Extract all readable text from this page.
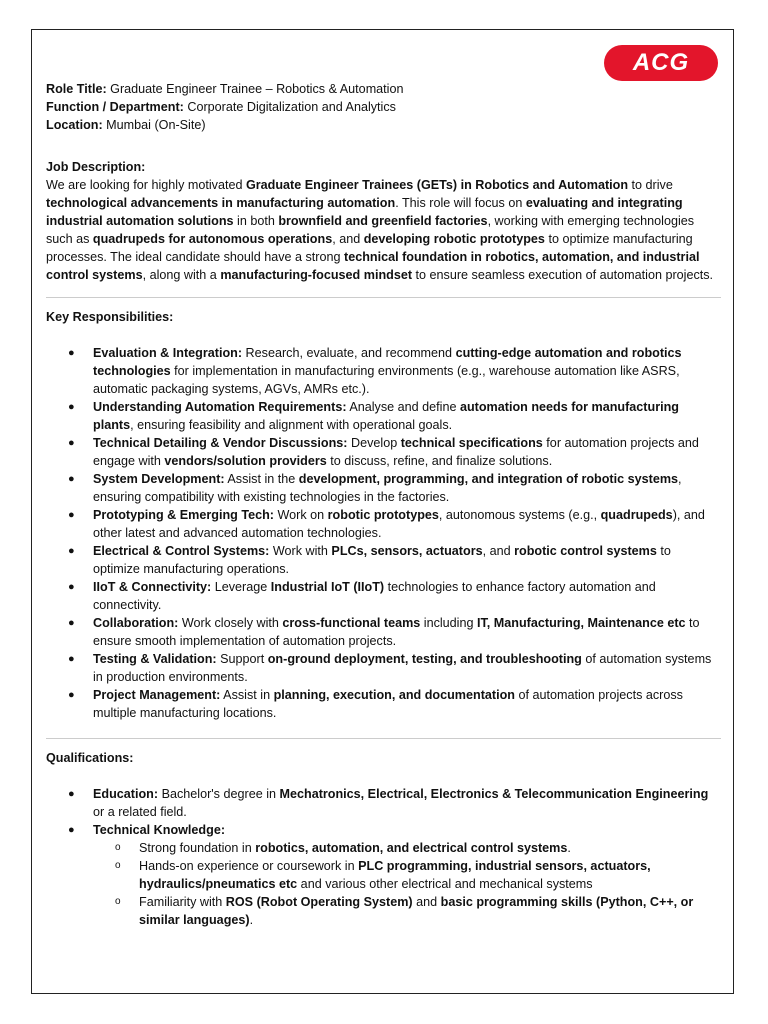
ACG

Role Title: Graduate Engineer Trainee – Robotics & Automation

Function / Department: Corporate Digitalization and Analytics

Location: Mumbai (On-Site)

Job Description:

We are looking for highly motivated Graduate Engineer Trainees (GETs) in Robotics and Automation to drive technological advancements in manufacturing automation. This role will focus on evaluating and integrating industrial automation solutions in both brownfield and greenfield factories, working with emerging technologies such as quadrupeds for autonomous operations, and developing robotic prototypes to optimize manufacturing processes. The ideal candidate should have a strong technical foundation in robotics, automation, and industrial control systems, along with a manufacturing-focused mindset to ensure seamless execution of automation projects.

Key Responsibilities:

● Evaluation & Integration: Research, evaluate, and recommend cutting-edge automation and robotics technologies for implementation in manufacturing environments (e.g., warehouse automation like ASRS, automatic packaging systems, AGVs, AMRs etc.).
● Understanding Automation Requirements: Analyse and define automation needs for manufacturing plants, ensuring feasibility and alignment with operational goals.
● Technical Detailing & Vendor Discussions: Develop technical specifications for automation projects and engage with vendors/solution providers to discuss, refine, and finalize solutions.
● System Development: Assist in the development, programming, and integration of robotic systems, ensuring compatibility with existing technologies in the factories.
● Prototyping & Emerging Tech: Work on robotic prototypes, autonomous systems (e.g., quadrupeds), and other latest and advanced automation technologies.
● Electrical & Control Systems: Work with PLCs, sensors, actuators, and robotic control systems to optimize manufacturing operations.
● IIoT & Connectivity: Leverage Industrial IoT (IIoT) technologies to enhance factory automation and connectivity.
● Collaboration: Work closely with cross-functional teams including IT, Manufacturing, Maintenance etc to ensure smooth implementation of automation projects.
● Testing & Validation: Support on-ground deployment, testing, and troubleshooting of automation systems in production environments.
● Project Management: Assist in planning, execution, and documentation of automation projects across multiple manufacturing locations.

Qualifications:

● Education: Bachelor's degree in Mechatronics, Electrical, Electronics & Telecommunication Engineering or a related field.
● Technical Knowledge:
o Strong foundation in robotics, automation, and electrical control systems.
o Hands-on experience or coursework in PLC programming, industrial sensors, actuators, hydraulics/pneumatics etc and various other electrical and mechanical systems
o Familiarity with ROS (Robot Operating System) and basic programming skills (Python, C++, or similar languages).
